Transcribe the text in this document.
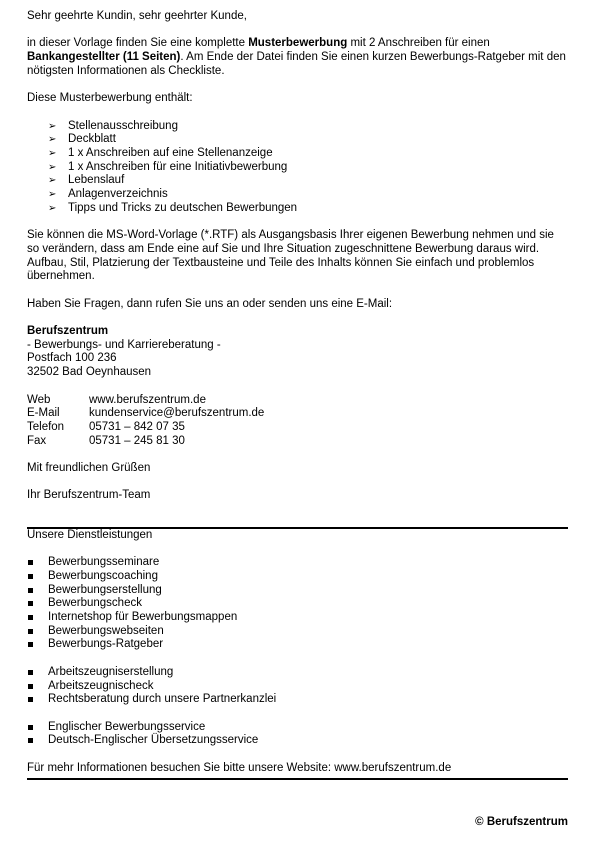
Sehr geehrte Kundin, sehr geehrter Kunde,

in dieser Vorlage finden Sie eine komplette Musterbewerbung mit 2 Anschreiben für einen Bankangestellter (11 Seiten). Am Ende der Datei finden Sie einen kurzen Bewerbungs-Ratgeber mit den nötigsten Informationen als Checkliste.

Diese Musterbewerbung enthält:

➢ Stellenausschreibung
➢ Deckblatt
➢ 1 x Anschreiben auf eine Stellenanzeige
➢ 1 x Anschreiben für eine Initiativbewerbung
➢ Lebenslauf
➢ Anlagenverzeichnis
➢ Tipps und Tricks zu deutschen Bewerbungen

Sie können die MS-Word-Vorlage (*.RTF) als Ausgangsbasis Ihrer eigenen Bewerbung nehmen und sie so verändern, dass am Ende eine auf Sie und Ihre Situation zugeschnittene Bewerbung daraus wird. Aufbau, Stil, Platzierung der Textbausteine und Teile des Inhalts können Sie einfach und problemlos übernehmen.

Haben Sie Fragen, dann rufen Sie uns an oder senden uns eine E-Mail:

Berufszentrum

- Bewerbungs- und Karriereberatung -

Postfach 100 236

32502 Bad Oeynhausen

Web	www.berufszentrum.de
E-Mail	kundenservice@berufszentrum.de
Telefon	05731 – 842 07 35
Fax	05731 – 245 81 30

Mit freundlichen Grüßen

Ihr Berufszentrum-Team

Unsere Dienstleistungen

Bewerbungsseminare
Bewerbungscoaching
Bewerbungserstellung
Bewerbungscheck
Internetshop für Bewerbungsmappen
Bewerbungswebseiten
Bewerbungs-Ratgeber
Arbeitszeugniserstellung
Arbeitszeugnischeck
Rechtsberatung durch unsere Partnerkanzlei
Englischer Bewerbungsservice
Deutsch-Englischer Übersetzungsservice

Für mehr Informationen besuchen Sie bitte unsere Website: www.berufszentrum.de

© Berufszentrum
